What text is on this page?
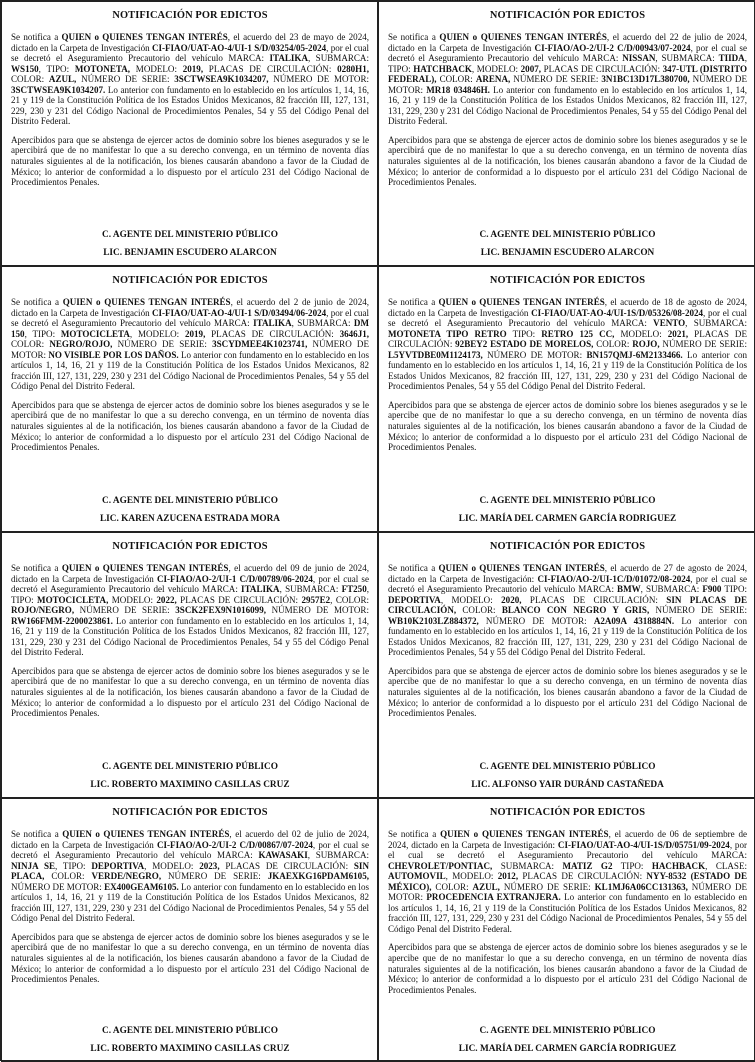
NOTIFICACIÓN POR EDICTOS
Se notifica a QUIEN o QUIENES TENGAN INTERÉS, el acuerdo del 23 de mayo de 2024, dictado en la Carpeta de Investigación CI-FIAO/UAT-AO-4/UI-1 S/D/03254/05-2024, por el cual se decretó el Aseguramiento Precautorio del vehículo MARCA: ITALIKA, SUBMARCA: WS150, TIPO: MOTONETA, MODELO: 2019, PLACAS DE CIRCULACIÓN: 0280H1, COLOR: AZUL, NÚMERO DE SERIE: 3SCTWSEA9K1034207, NÚMERO DE MOTOR: 3SCTWSEA9K1034207. Lo anterior con fundamento en lo establecido en los artículos 1, 14, 16, 21 y 119 de la Constitución Política de los Estados Unidos Mexicanos, 82 fracción III, 127, 131, 229, 230 y 231 del Código Nacional de Procedimientos Penales, 54 y 55 del Código Penal del Distrito Federal.
Apercibidos para que se abstenga de ejercer actos de dominio sobre los bienes asegurados y se le apercibirá que de no manifestar lo que a su derecho convenga, en un término de noventa días naturales siguientes al de la notificación, los bienes causarán abandono a favor de la Ciudad de México; lo anterior de conformidad a lo dispuesto por el artículo 231 del Código Nacional de Procedimientos Penales.
C. AGENTE DEL MINISTERIO PÚBLICO
LIC. BENJAMIN ESCUDERO ALARCON
NOTIFICACIÓN POR EDICTOS
Se notifica a QUIEN o QUIENES TENGAN INTERÉS, el acuerdo del 22 de julio de 2024, dictado en la Carpeta de Investigación CI-FIAO/AO-2/UI-2 C/D/00943/07-2024, por el cual se decretó el Aseguramiento Precautorio del vehículo MARCA: NISSAN, SUBMARCA: TIIDA, TIPO: HATCHBACK, MODELO: 2007, PLACAS DE CIRCULACIÓN: 347-UTL (DISTRITO FEDERAL), COLOR: ARENA, NÚMERO DE SERIE: 3N1BC13D17L380700, NÚMERO DE MOTOR: MR18 034846H. Lo anterior con fundamento en lo establecido en los artículos 1, 14, 16, 21 y 119 de la Constitución Política de los Estados Unidos Mexicanos, 82 fracción III, 127, 131, 229, 230 y 231 del Código Nacional de Procedimientos Penales, 54 y 55 del Código Penal del Distrito Federal.
Apercibidos para que se abstenga de ejercer actos de dominio sobre los bienes asegurados y se le apercibirá que de no manifestar lo que a su derecho convenga, en un término de noventa días naturales siguientes al de la notificación, los bienes causarán abandono a favor de la Ciudad de México; lo anterior de conformidad a lo dispuesto por el artículo 231 del Código Nacional de Procedimientos Penales.
C. AGENTE DEL MINISTERIO PÚBLICO
LIC. BENJAMIN ESCUDERO ALARCON
NOTIFICACIÓN POR EDICTOS
Se notifica a QUIEN o QUIENES TENGAN INTERÉS, el acuerdo del 2 de junio de 2024, dictado en la Carpeta de Investigación CI-FIAO/UAT-AO-4/UI-1 S/D/03494/06-2024, por el cual se decretó el Aseguramiento Precautorio del vehículo MARCA: ITALIKA, SUBMARCA: DM 150, TIPO: MOTOCICLETA, MODELO: 2019, PLACAS DE CIRCULACIÓN: 3646J1, COLOR: NEGRO/ROJO, NÚMERO DE SERIE: 3SCYDMEE4K1023741, NÚMERO DE MOTOR: NO VISIBLE POR LOS DAÑOS. Lo anterior con fundamento en lo establecido en los artículos 1, 14, 16, 21 y 119 de la Constitución Política de los Estados Unidos Mexicanos, 82 fracción III, 127, 131, 229, 230 y 231 del Código Nacional de Procedimientos Penales, 54 y 55 del Código Penal del Distrito Federal.
Apercibidos para que se abstenga de ejercer actos de dominio sobre los bienes asegurados y se le apercibirá que de no manifestar lo que a su derecho convenga, en un término de noventa días naturales siguientes al de la notificación, los bienes causarán abandono a favor de la Ciudad de México; lo anterior de conformidad a lo dispuesto por el artículo 231 del Código Nacional de Procedimientos Penales.
C. AGENTE DEL MINISTERIO PÚBLICO
LIC. KAREN AZUCENA ESTRADA MORA
NOTIFICACIÓN POR EDICTOS
Se notifica a QUIEN o QUIENES TENGAN INTERÉS, el acuerdo de 18 de agosto de 2024, dictado en la Carpeta de Investigación CI-FIAO/UAT-AO-4/UI-1S/D/05326/08-2024, por el cual se decretó el Aseguramiento Precautorio del vehículo MARCA: VENTO, SUBMARCA: MOTONETA TIPO RETRO TIPO: RETRO 125 CC, MODELO: 2021, PLACAS DE CIRCULACIÓN: 92BEY2 ESTADO DE MORELOS, COLOR: ROJO, NÚMERO DE SERIE: L5YVTDBE0M1124173, NÚMERO DE MOTOR: BN157QMJ-6M2133466. Lo anterior con fundamento en lo establecido en los artículos 1, 14, 16, 21 y 119 de la Constitución Política de los Estados Unidos Mexicanos, 82 fracción III, 127, 131, 229, 230 y 231 del Código Nacional de Procedimientos Penales, 54 y 55 del Código Penal del Distrito Federal.
Apercibidos para que se abstenga de ejercer actos de dominio sobre los bienes asegurados y se le apercibe que de no manifestar lo que a su derecho convenga, en un término de noventa días naturales siguientes al de la notificación, los bienes causarán abandono a favor de la Ciudad de México; lo anterior de conformidad a lo dispuesto por el artículo 231 del Código Nacional de Procedimientos Penales.
C. AGENTE DEL MINISTERIO PÚBLICO
LIC. MARÍA DEL CARMEN GARCÍA RODRIGUEZ
NOTIFICACIÓN POR EDICTOS
Se notifica a QUIEN o QUIENES TENGAN INTERÉS, el acuerdo del 09 de junio de 2024, dictado en la Carpeta de Investigación CI-FIAO/AO-2/UI-1 C/D/00789/06-2024, por el cual se decretó el Aseguramiento Precautorio del vehículo MARCA: ITALIKA, SUBMARCA: FT250, TIPO: MOTOCICLETA, MODELO: 2022, PLACAS DE CIRCULACIÓN: 2957E2, COLOR: ROJO/NEGRO, NÚMERO DE SERIE: 3SCK2FEX9N1016099, NÚMERO DE MOTOR: RW166FMM-2200023861. Lo anterior con fundamento en lo establecido en los artículos 1, 14, 16, 21 y 119 de la Constitución Política de los Estados Unidos Mexicanos, 82 fracción III, 127, 131, 229, 230 y 231 del Código Nacional de Procedimientos Penales, 54 y 55 del Código Penal del Distrito Federal.
Apercibidos para que se abstenga de ejercer actos de dominio sobre los bienes asegurados y se le apercibirá que de no manifestar lo que a su derecho convenga, en un término de noventa días naturales siguientes al de la notificación, los bienes causarán abandono a favor de la Ciudad de México; lo anterior de conformidad a lo dispuesto por el artículo 231 del Código Nacional de Procedimientos Penales.
C. AGENTE DEL MINISTERIO PÚBLICO
LIC. ROBERTO MAXIMINO CASILLAS CRUZ
NOTIFICACIÓN POR EDICTOS
Se notifica a QUIEN o QUIENES TENGAN INTERÉS, el acuerdo de 27 de agosto de 2024, dictado en la Carpeta de Investigación: CI-FIAO/AO-2/UI-1C/D/01072/08-2024, por el cual se decretó el Aseguramiento Precautorio del vehículo MARCA: BMW, SUBMARCA: F900 TIPO: DEPORTIVA, MODELO: 2020, PLACAS DE CIRCULACIÓN: SIN PLACAS DE CIRCULACIÓN, COLOR: BLANCO CON NEGRO Y GRIS, NÚMERO DE SERIE: WB10K2103LZ884372, NÚMERO DE MOTOR: A2A09A 4318884N. Lo anterior con fundamento en lo establecido en los artículos 1, 14, 16, 21 y 119 de la Constitución Política de los Estados Unidos Mexicanos, 82 fracción III, 127, 131, 229, 230 y 231 del Código Nacional de Procedimientos Penales, 54 y 55 del Código Penal del Distrito Federal.
Apercibidos para que se abstenga de ejercer actos de dominio sobre los bienes asegurados y se le apercibe que de no manifestar lo que a su derecho convenga, en un término de noventa días naturales siguientes al de la notificación, los bienes causarán abandono a favor de la Ciudad de México; lo anterior de conformidad a lo dispuesto por el artículo 231 del Código Nacional de Procedimientos Penales.
C. AGENTE DEL MINISTERIO PÚBLICO
LIC. ALFONSO YAIR DURÁND CASTAÑEDA
NOTIFICACIÓN POR EDICTOS
Se notifica a QUIEN o QUIENES TENGAN INTERÉS, el acuerdo del 02 de julio de 2024, dictado en la Carpeta de Investigación CI-FIAO/AO-2/UI-2 C/D/00867/07-2024, por el cual se decretó el Aseguramiento Precautorio del vehículo MARCA: KAWASAKI, SUBMARCA: NINJA SE, TIPO: DEPORTIVA, MODELO: 2023, PLACAS DE CIRCULACIÓN: SIN PLACA, COLOR: VERDE/NEGRO, NÚMERO DE SERIE: JKAEXKG16PDAM6105, NÚMERO DE MOTOR: EX400GEAM6105. Lo anterior con fundamento en lo establecido en los artículos 1, 14, 16, 21 y 119 de la Constitución Política de los Estados Unidos Mexicanos, 82 fracción III, 127, 131, 229, 230 y 231 del Código Nacional de Procedimientos Penales, 54 y 55 del Código Penal del Distrito Federal.
Apercibidos para que se abstenga de ejercer actos de dominio sobre los bienes asegurados y se le apercibirá que de no manifestar lo que a su derecho convenga, en un término de noventa días naturales siguientes al de la notificación, los bienes causarán abandono a favor de la Ciudad de México; lo anterior de conformidad a lo dispuesto por el artículo 231 del Código Nacional de Procedimientos Penales.
C. AGENTE DEL MINISTERIO PÚBLICO
LIC. ROBERTO MAXIMINO CASILLAS CRUZ
NOTIFICACIÓN POR EDICTOS
Se notifica a QUIEN o QUIENES TENGAN INTERÉS, el acuerdo de 06 de septiembre de 2024, dictado en la Carpeta de Investigación: CI-FIAO/UAT-AO-4/UI-1S/D/05751/09-2024, por el cual se decretó el Aseguramiento Precautorio del vehículo MARCA: CHEVROLET/PONTIAC, SUBMARCA: MATIZ G2 TIPO: HACHBACK, CLASE: AUTOMOVIL, MODELO: 2012, PLACAS DE CIRCULACIÓN: NYY-8532 (ESTADO DE MÉXICO), COLOR: AZUL, NÚMERO DE SERIE: KL1MJ6A06CC131363, NÚMERO DE MOTOR: PROCEDENCIA EXTRANJERA. Lo anterior con fundamento en lo establecido en los artículos 1, 14, 16, 21 y 119 de la Constitución Política de los Estados Unidos Mexicanos, 82 fracción III, 127, 131, 229, 230 y 231 del Código Nacional de Procedimientos Penales, 54 y 55 del Código Penal del Distrito Federal.
Apercibidos para que se abstenga de ejercer actos de dominio sobre los bienes asegurados y se le apercibe que de no manifestar lo que a su derecho convenga, en un término de noventa días naturales siguientes al de la notificación, los bienes causarán abandono a favor de la Ciudad de México; lo anterior de conformidad a lo dispuesto por el artículo 231 del Código Nacional de Procedimientos Penales.
C. AGENTE DEL MINISTERIO PÚBLICO
LIC. MARÍA DEL CARMEN GARCÍA RODRIGUEZ
